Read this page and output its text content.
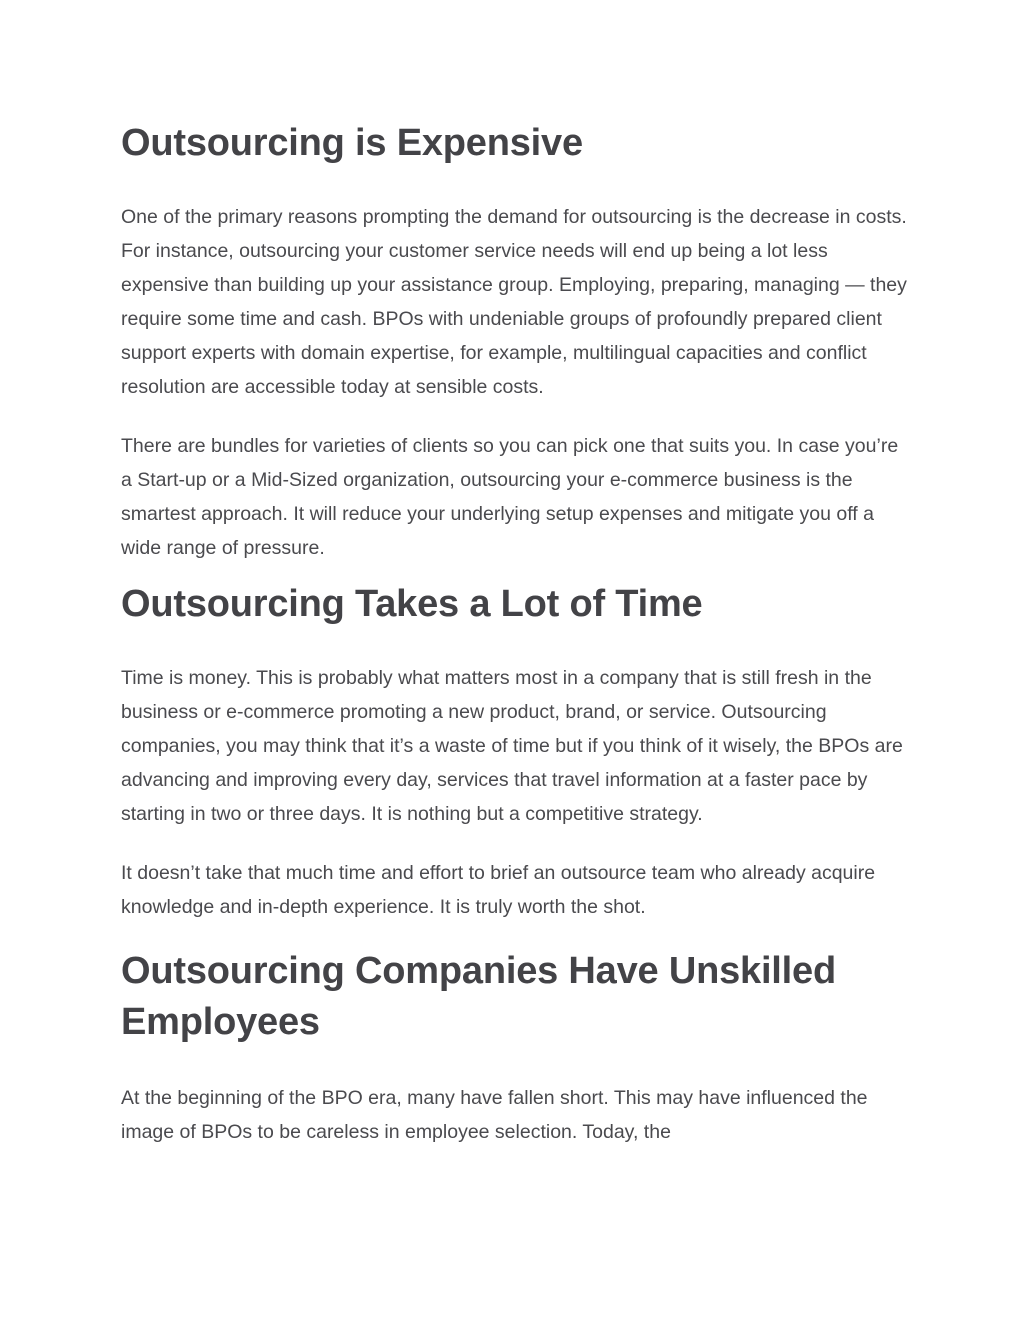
Outsourcing is Expensive

One of the primary reasons prompting the demand for outsourcing is the decrease in costs. For instance, outsourcing your customer service needs will end up being a lot less expensive than building up your assistance group. Employing, preparing, managing — they require some time and cash. BPOs with undeniable groups of profoundly prepared client support experts with domain expertise, for example, multilingual capacities and conflict resolution are accessible today at sensible costs.

There are bundles for varieties of clients so you can pick one that suits you. In case you’re a Start-up or a Mid-Sized organization, outsourcing your e-commerce business is the smartest approach. It will reduce your underlying setup expenses and mitigate you off a wide range of pressure.

Outsourcing Takes a Lot of Time

Time is money. This is probably what matters most in a company that is still fresh in the business or e-commerce promoting a new product, brand, or service. Outsourcing companies, you may think that it’s a waste of time but if you think of it wisely, the BPOs are advancing and improving every day, services that travel information at a faster pace by starting in two or three days. It is nothing but a competitive strategy.

It doesn’t take that much time and effort to brief an outsource team who already acquire knowledge and in-depth experience. It is truly worth the shot.

Outsourcing Companies Have Unskilled Employees

At the beginning of the BPO era, many have fallen short. This may have influenced the image of BPOs to be careless in employee selection. Today, the
